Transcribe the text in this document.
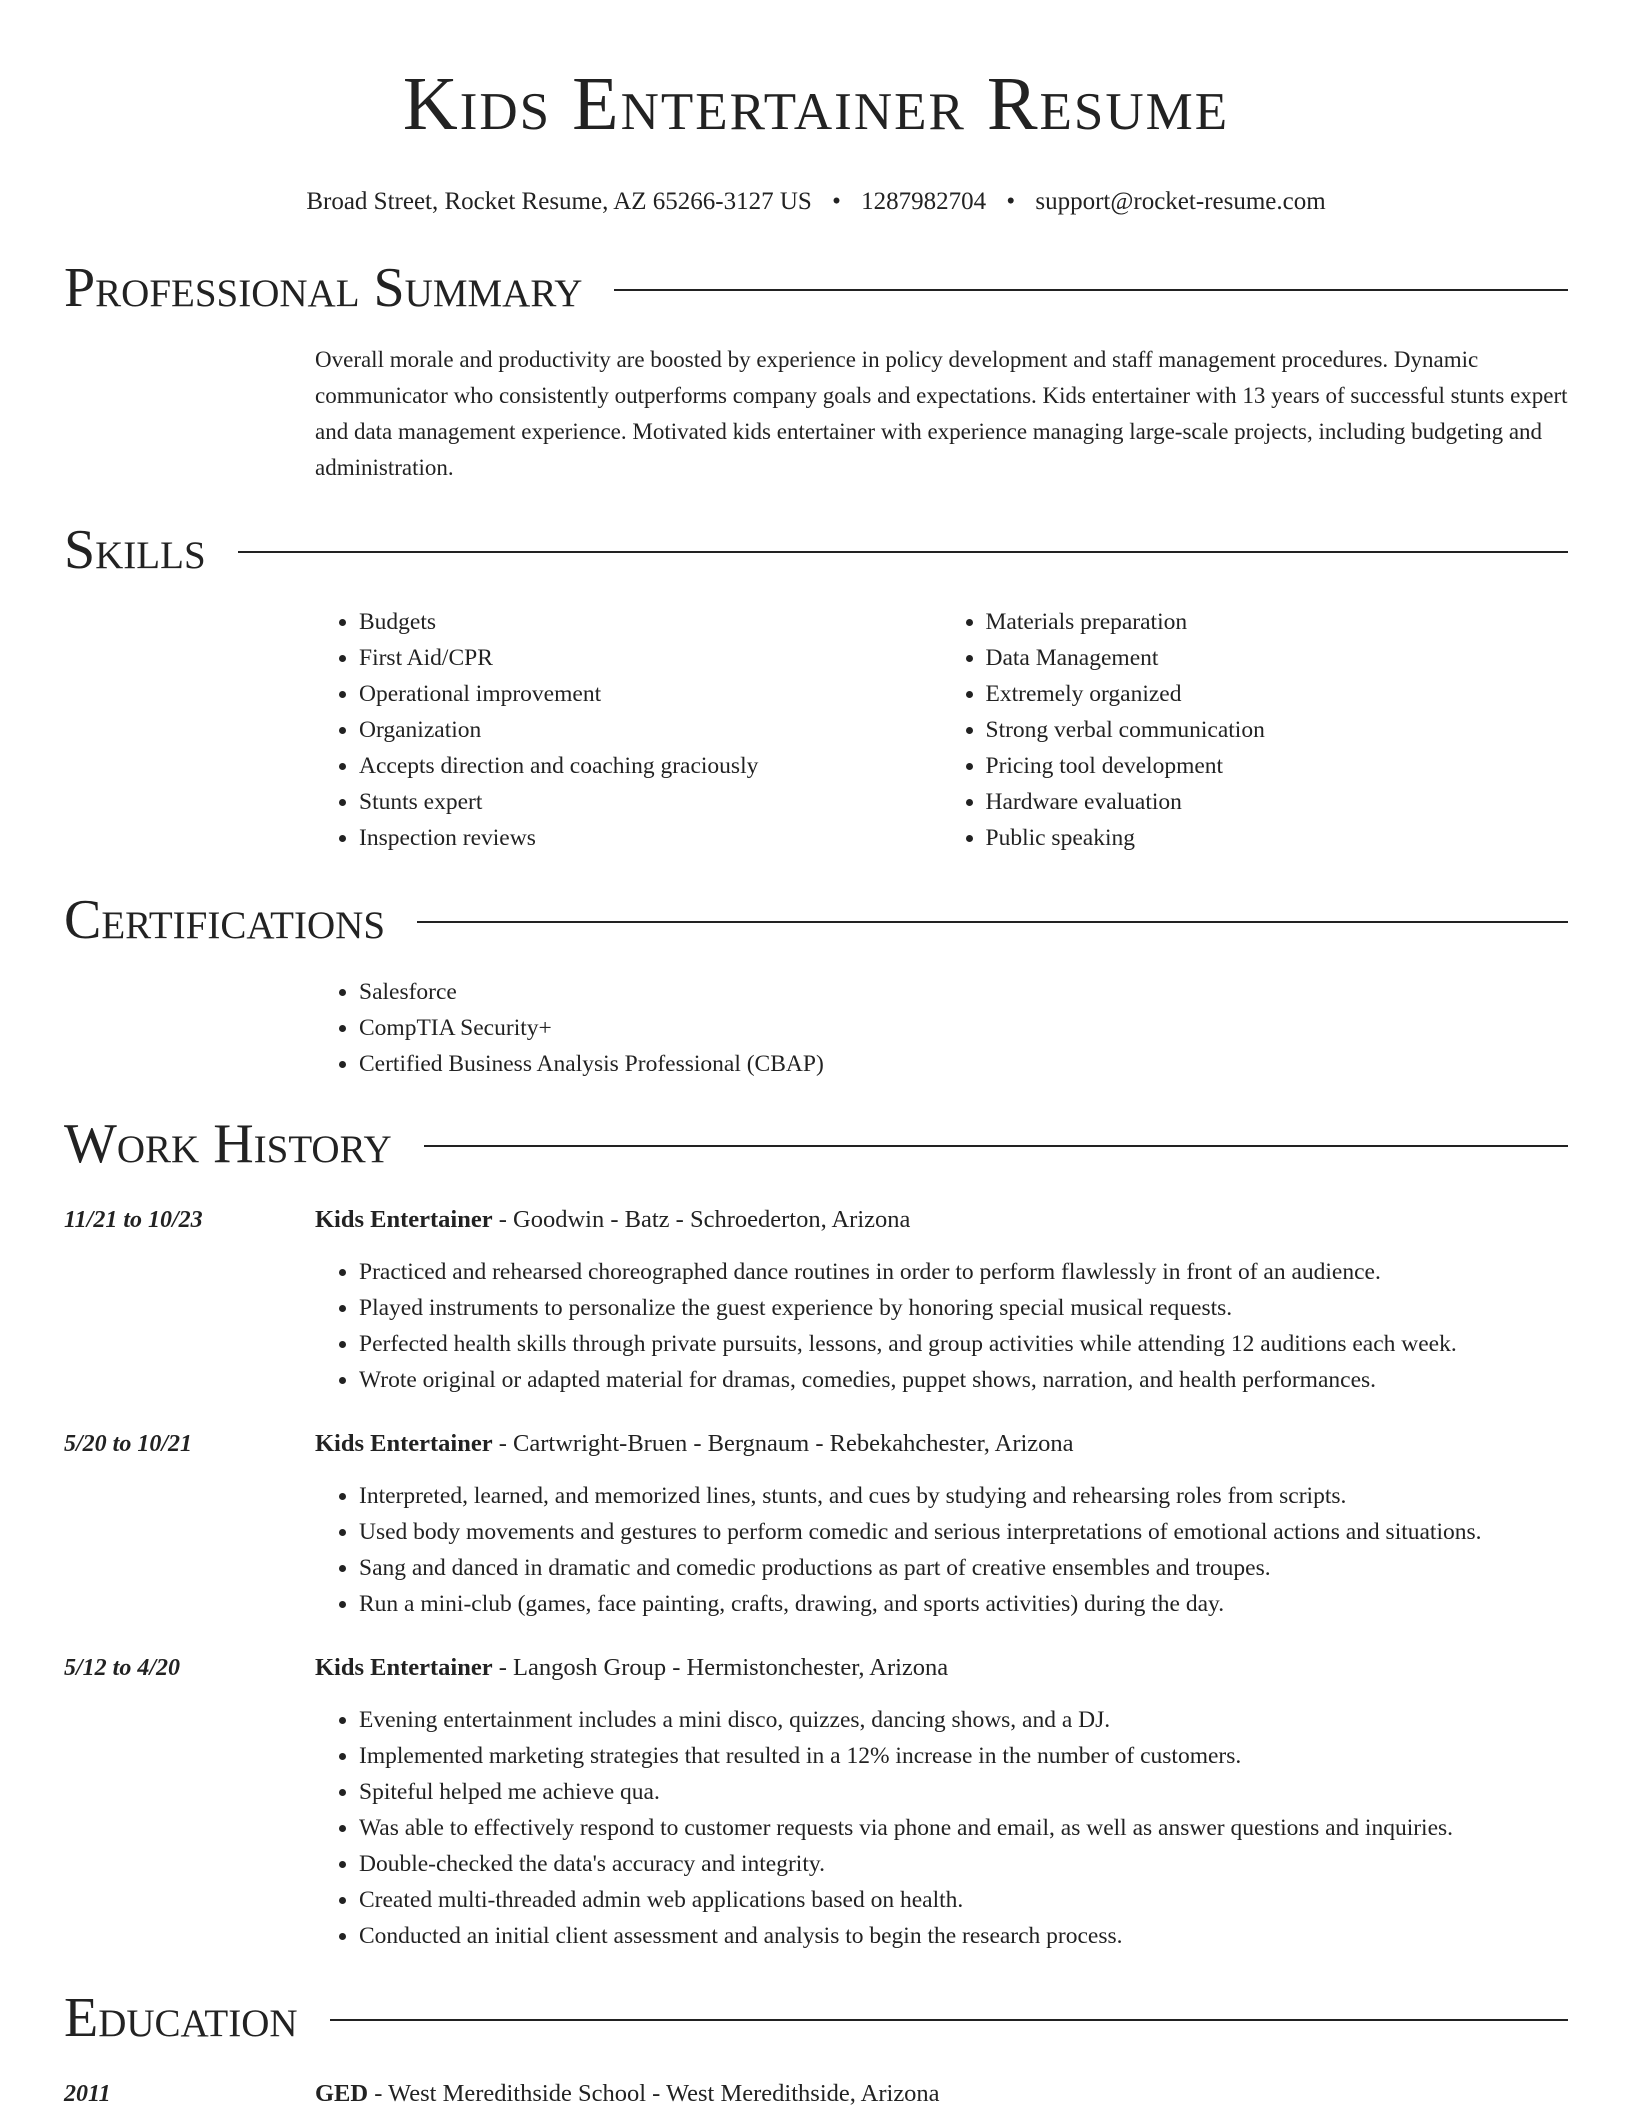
Kids Entertainer Resume
Broad Street, Rocket Resume, AZ 65266-3127 US • 1287982704 • support@rocket-resume.com
Professional Summary
Overall morale and productivity are boosted by experience in policy development and staff management procedures. Dynamic communicator who consistently outperforms company goals and expectations. Kids entertainer with 13 years of successful stunts expert and data management experience. Motivated kids entertainer with experience managing large-scale projects, including budgeting and administration.
Skills
• Budgets
• First Aid/CPR
• Operational improvement
• Organization
• Accepts direction and coaching graciously
• Stunts expert
• Inspection reviews
• Materials preparation
• Data Management
• Extremely organized
• Strong verbal communication
• Pricing tool development
• Hardware evaluation
• Public speaking
Certifications
• Salesforce
• CompTIA Security+
• Certified Business Analysis Professional (CBAP)
Work History
11/21 to 10/23	Kids Entertainer - Goodwin - Batz - Schroederton, Arizona
• Practiced and rehearsed choreographed dance routines in order to perform flawlessly in front of an audience.
• Played instruments to personalize the guest experience by honoring special musical requests.
• Perfected health skills through private pursuits, lessons, and group activities while attending 12 auditions each week.
• Wrote original or adapted material for dramas, comedies, puppet shows, narration, and health performances.
5/20 to 10/21	Kids Entertainer - Cartwright-Bruen - Bergnaum - Rebekahchester, Arizona
• Interpreted, learned, and memorized lines, stunts, and cues by studying and rehearsing roles from scripts.
• Used body movements and gestures to perform comedic and serious interpretations of emotional actions and situations.
• Sang and danced in dramatic and comedic productions as part of creative ensembles and troupes.
• Run a mini-club (games, face painting, crafts, drawing, and sports activities) during the day.
5/12 to 4/20	Kids Entertainer - Langosh Group - Hermistonchester, Arizona
• Evening entertainment includes a mini disco, quizzes, dancing shows, and a DJ.
• Implemented marketing strategies that resulted in a 12% increase in the number of customers.
• Spiteful helped me achieve qua.
• Was able to effectively respond to customer requests via phone and email, as well as answer questions and inquiries.
• Double-checked the data's accuracy and integrity.
• Created multi-threaded admin web applications based on health.
• Conducted an initial client assessment and analysis to begin the research process.
Education
2011	GED - West Meredithside School - West Meredithside, Arizona
